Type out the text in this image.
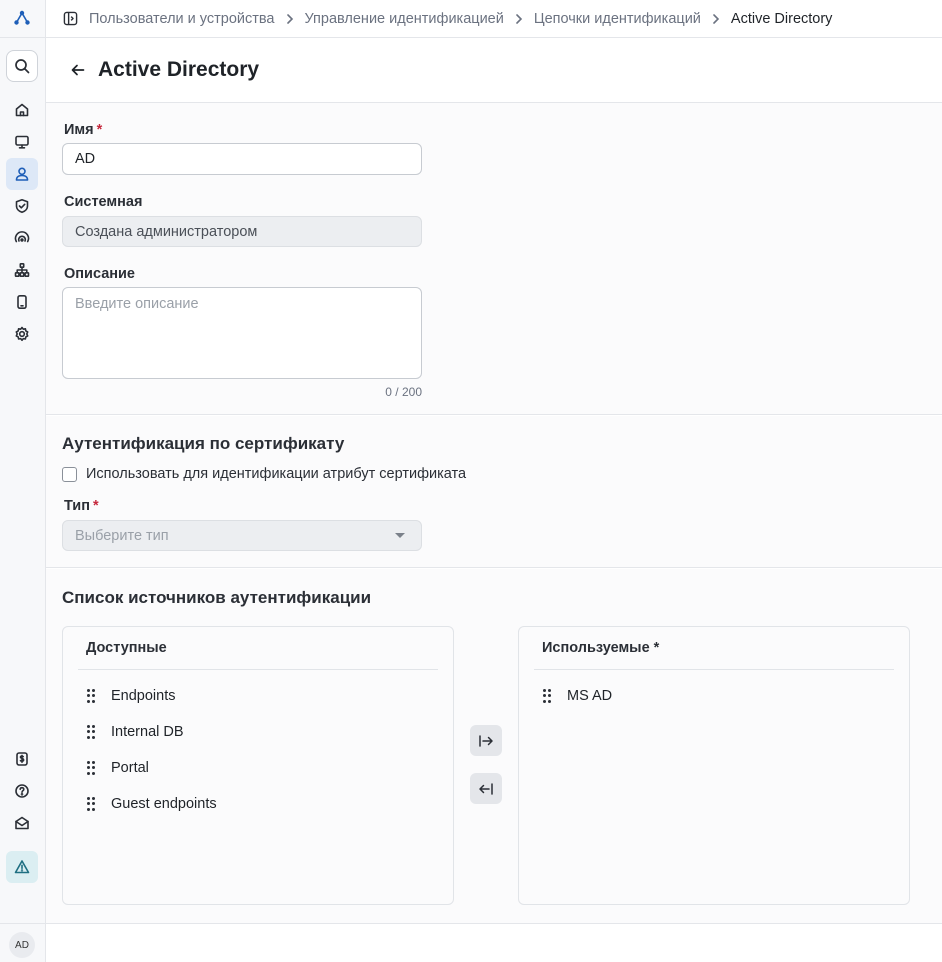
AD
Пользователи и устройства Управление идентификацией Цепочки идентификаций Active Directory
Active Directory
Имя *
AD
Системная
Создана администратором
Описание
Введите описание
0 / 200
Аутентификация по сертификату
Использовать для идентификации атрибут сертификата
Тип *
Выберите тип
Список источников аутентификации
Доступные
Endpoints
Internal DB
Portal
Guest endpoints
Используемые *
MS AD
